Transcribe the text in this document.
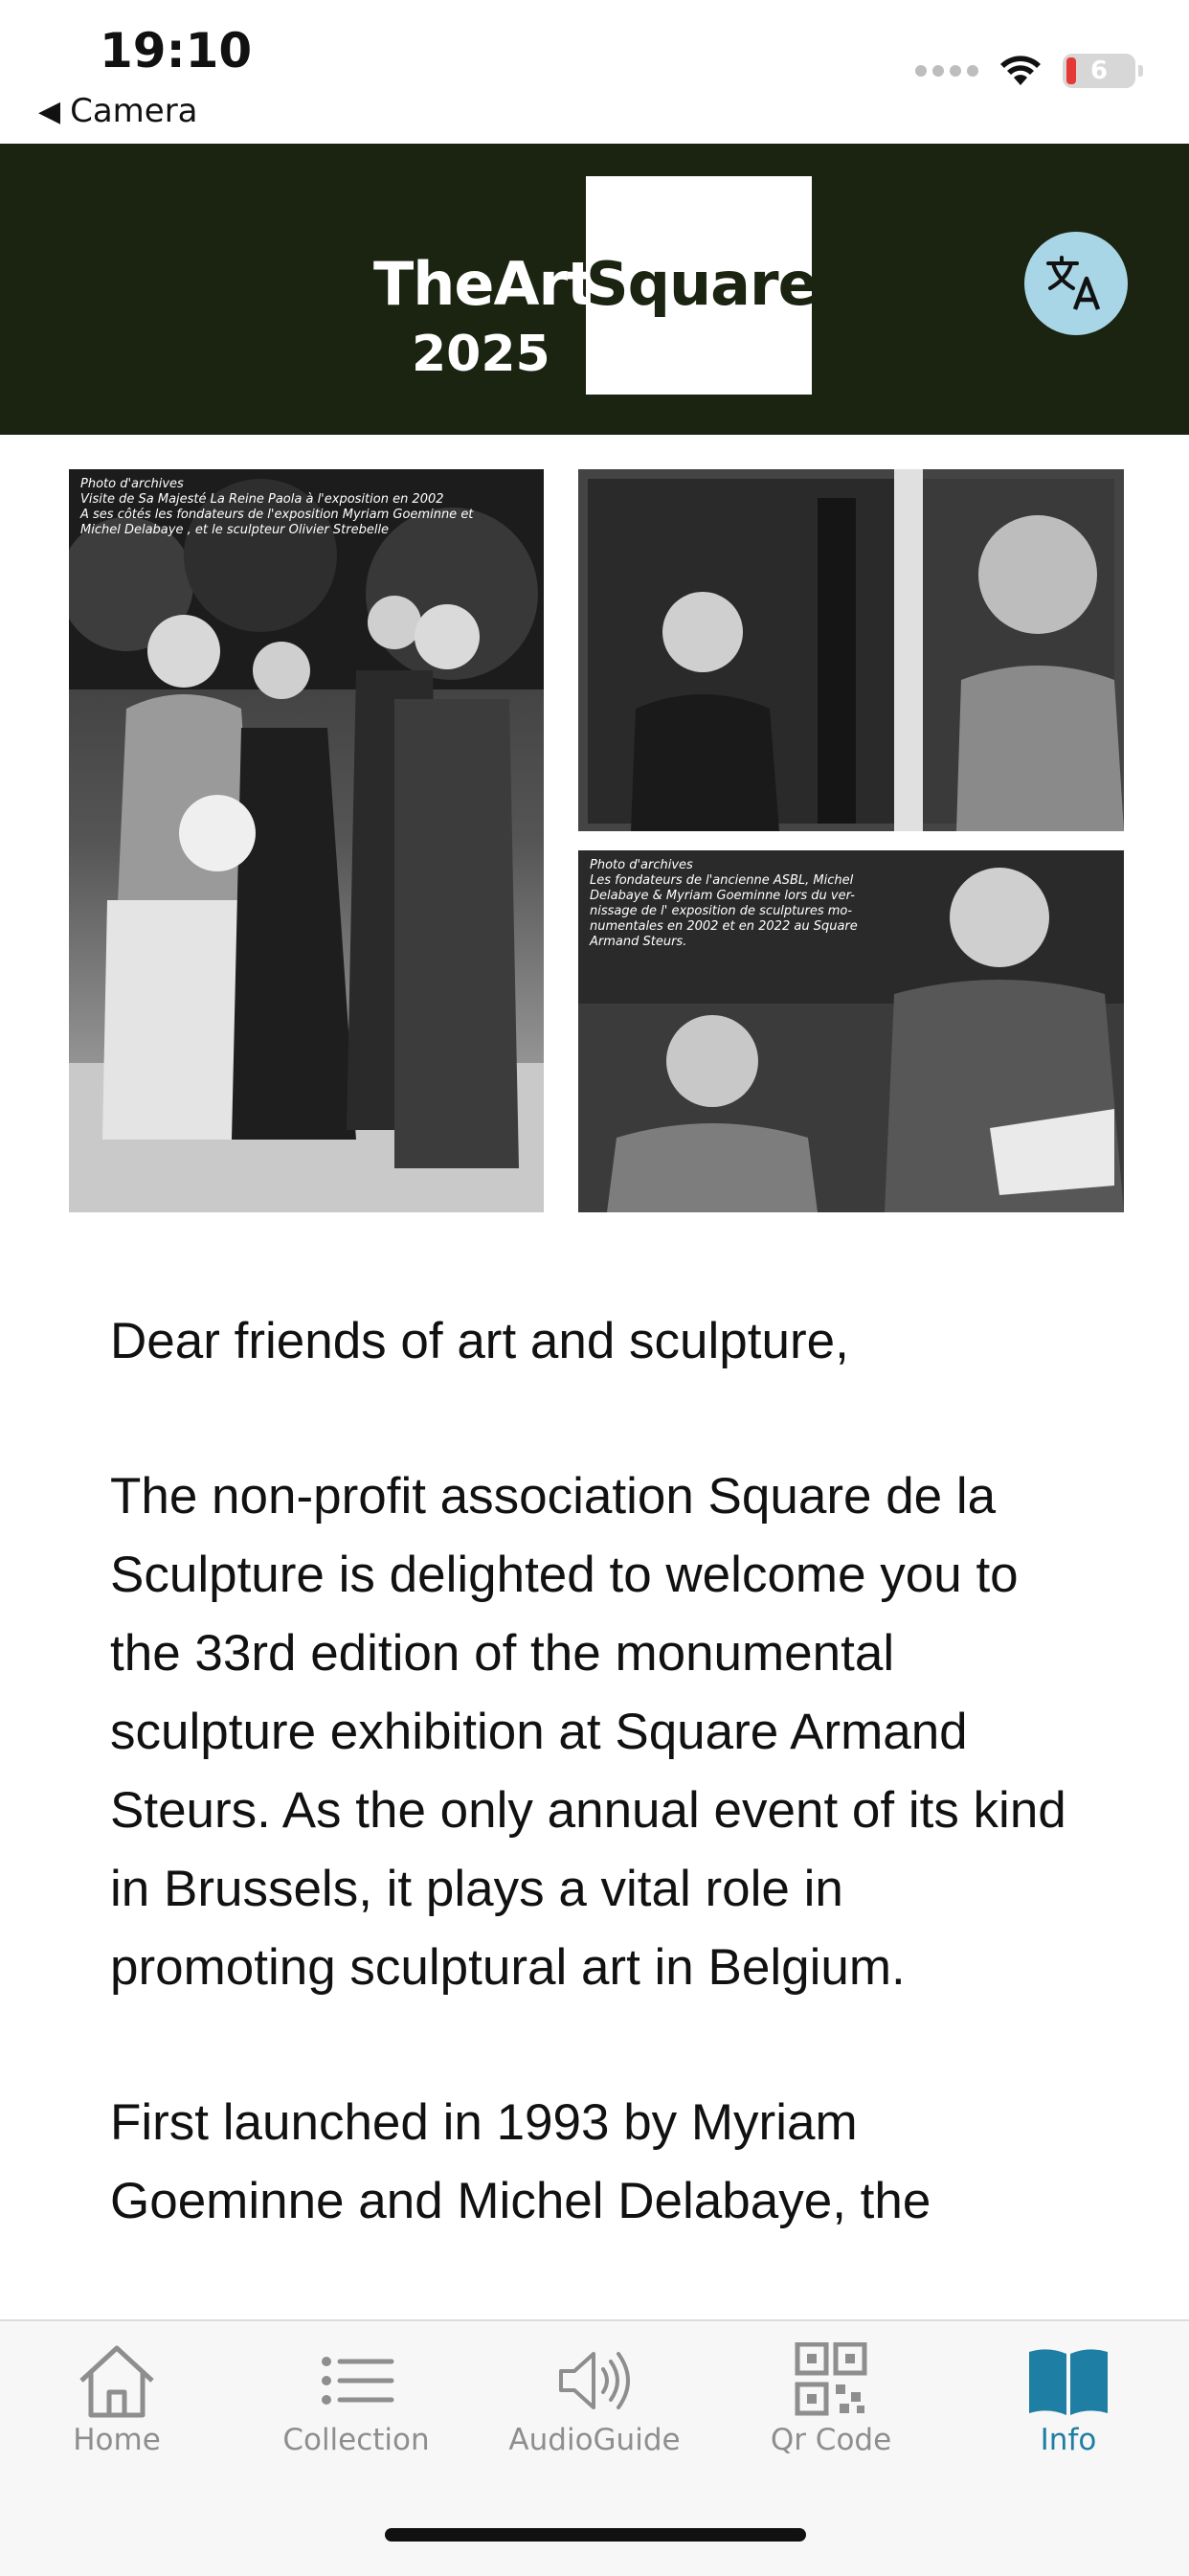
19:10
◀ Camera
6
TheArt
Square
2025
Photo d'archives
Visite de Sa Majesté La Reine Paola à l'exposition en 2002
A ses côtés les fondateurs de l'exposition Myriam Goeminne et
Michel Delabaye , et le sculpteur Olivier Strebelle
Photo d'archives
Les fondateurs de l'ancienne ASBL, Michel
Delabaye & Myriam Goeminne lors du ver-
nissage de l' exposition de sculptures mo-
numentales en 2002 et en 2022 au Square
Armand Steurs.

Dear friends of art and sculpture,

The non-profit association Square de la Sculpture is delighted to welcome you to the 33rd edition of the monumental sculpture exhibition at Square Armand Steurs. As the only annual event of its kind in Brussels, it plays a vital role in promoting sculptural art in Belgium.

First launched in 1993 by Myriam Goeminne and Michel Delabaye, the

Home	Collection	AudioGuide	Qr Code	Info
